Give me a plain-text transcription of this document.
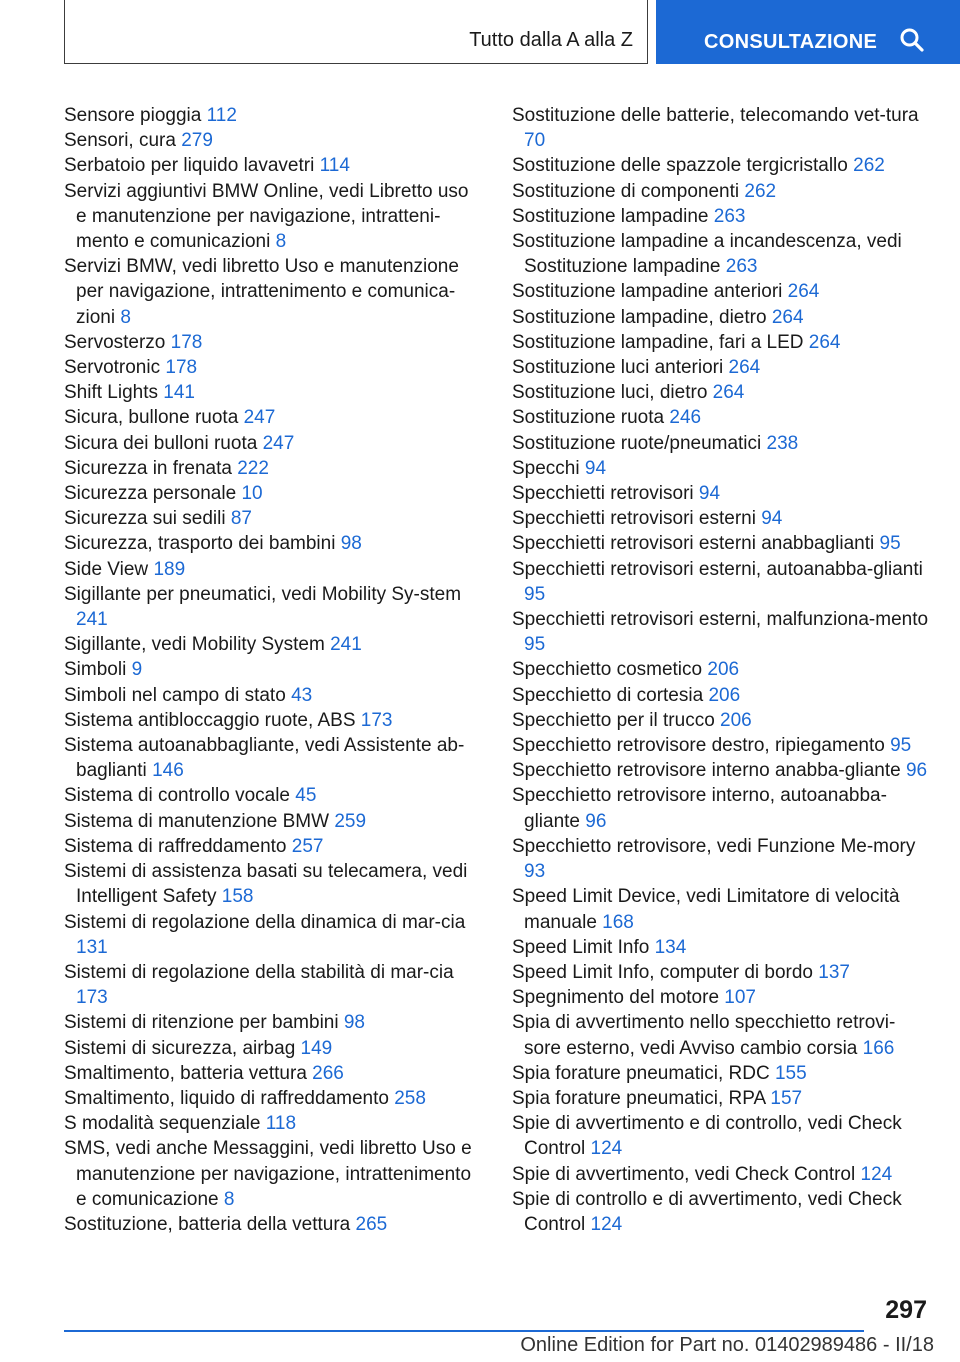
Tutto dalla A alla Z	CONSULTAZIONE
Sensore pioggia 112
Sensori, cura 279
Serbatoio per liquido lavavetri 114
Servizi aggiuntivi BMW Online, vedi Libretto uso e manutenzione per navigazione, intratteni‐mento e comunicazioni 8
Servizi BMW, vedi libretto Uso e manutenzione per navigazione, intrattenimento e comunica‐zioni 8
Servosterzo 178
Servotronic 178
Shift Lights 141
Sicura, bullone ruota 247
Sicura dei bulloni ruota 247
Sicurezza in frenata 222
Sicurezza personale 10
Sicurezza sui sedili 87
Sicurezza, trasporto dei bambini 98
Side View 189
Sigillante per pneumatici, vedi Mobility Sy‐stem 241
Sigillante, vedi Mobility System 241
Simboli 9
Simboli nel campo di stato 43
Sistema antibloccaggio ruote, ABS 173
Sistema autoanabbagliante, vedi Assistente ab‐baglianti 146
Sistema di controllo vocale 45
Sistema di manutenzione BMW 259
Sistema di raffreddamento 257
Sistemi di assistenza basati su telecamera, vedi Intelligent Safety 158
Sistemi di regolazione della dinamica di mar‐cia 131
Sistemi di regolazione della stabilità di mar‐cia 173
Sistemi di ritenzione per bambini 98
Sistemi di sicurezza, airbag 149
Smaltimento, batteria vettura 266
Smaltimento, liquido di raffreddamento 258
S modalità sequenziale 118
SMS, vedi anche Messaggini, vedi libretto Uso e manutenzione per navigazione, intrattenimento e comunicazione 8
Sostituzione, batteria della vettura 265
Sostituzione delle batterie, telecomando vet‐tura 70
Sostituzione delle spazzole tergicristallo 262
Sostituzione di componenti 262
Sostituzione lampadine 263
Sostituzione lampadine a incandescenza, vedi Sostituzione lampadine 263
Sostituzione lampadine anteriori 264
Sostituzione lampadine, dietro 264
Sostituzione lampadine, fari a LED 264
Sostituzione luci anteriori 264
Sostituzione luci, dietro 264
Sostituzione ruota 246
Sostituzione ruote/pneumatici 238
Specchi 94
Specchietti retrovisori 94
Specchietti retrovisori esterni 94
Specchietti retrovisori esterni anabbaglianti 95
Specchietti retrovisori esterni, autoanabba‐glianti 95
Specchietti retrovisori esterni, malfunziona‐mento 95
Specchietto cosmetico 206
Specchietto di cortesia 206
Specchietto per il trucco 206
Specchietto retrovisore destro, ripiegamento 95
Specchietto retrovisore interno anabba‐gliante 96
Specchietto retrovisore interno, autoanabba‐gliante 96
Specchietto retrovisore, vedi Funzione Me‐mory 93
Speed Limit Device, vedi Limitatore di velocità manuale 168
Speed Limit Info 134
Speed Limit Info, computer di bordo 137
Spegnimento del motore 107
Spia di avvertimento nello specchietto retrovi‐sore esterno, vedi Avviso cambio corsia 166
Spia forature pneumatici, RDC 155
Spia forature pneumatici, RPA 157
Spie di avvertimento e di controllo, vedi Check Control 124
Spie di avvertimento, vedi Check Control 124
Spie di controllo e di avvertimento, vedi Check Control 124
297
Online Edition for Part no. 01402989486 - II/18
